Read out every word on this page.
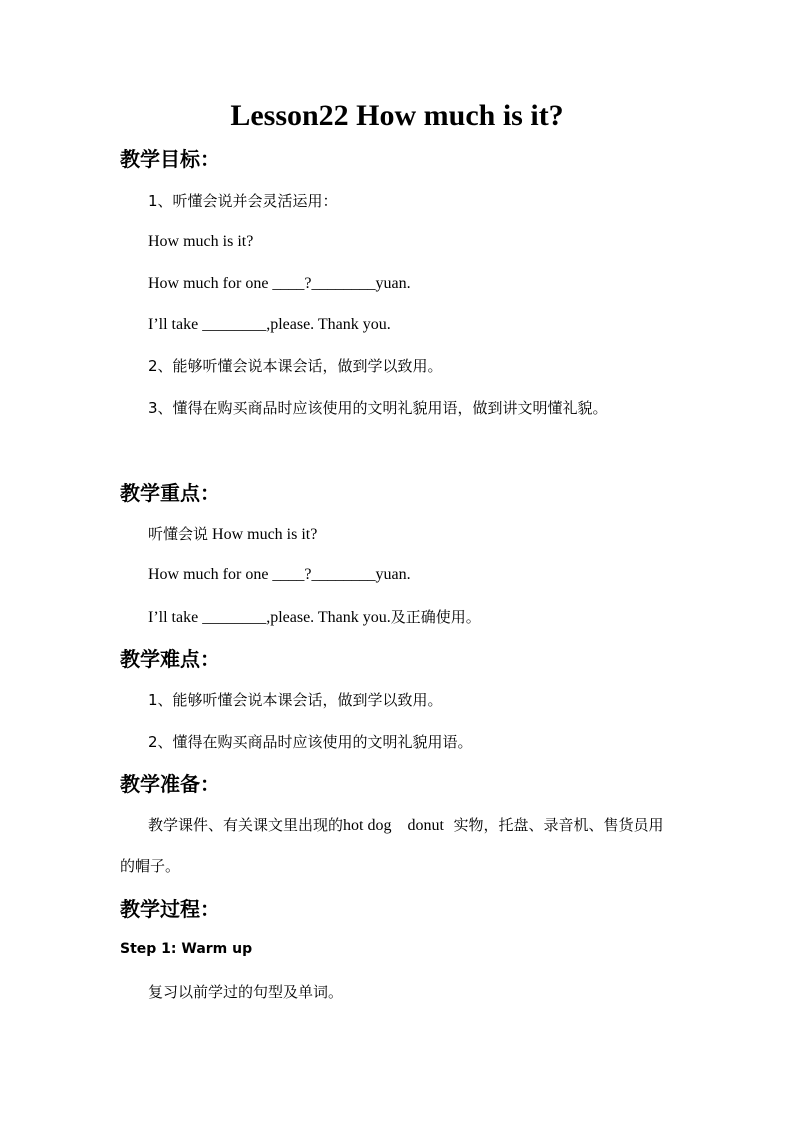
Lesson22 How much is it?
教学目标：

1、听懂会说并会灵活运用：

How much is it?

How much for one ____?________yuan.

I’ll take ________,please. Thank you.

2、能够听懂会说本课会话，做到学以致用。

3、懂得在购买商品时应该使用的文明礼貌用语，做到讲文明懂礼貌。

教学重点：

听懂会说 How much is it?

How much for one ____?________yuan.

I’ll take ________,please. Thank you.及正确使用。

教学难点：

1、能够听懂会说本课会话，做到学以致用。

2、懂得在购买商品时应该使用的文明礼貌用语。

教学准备：

教学课件、有关课文里出现的hot dog    donut  实物，托盘、录音机、售货员用的帽子。

教学过程：

Step 1: Warm up

复习以前学过的句型及单词。
